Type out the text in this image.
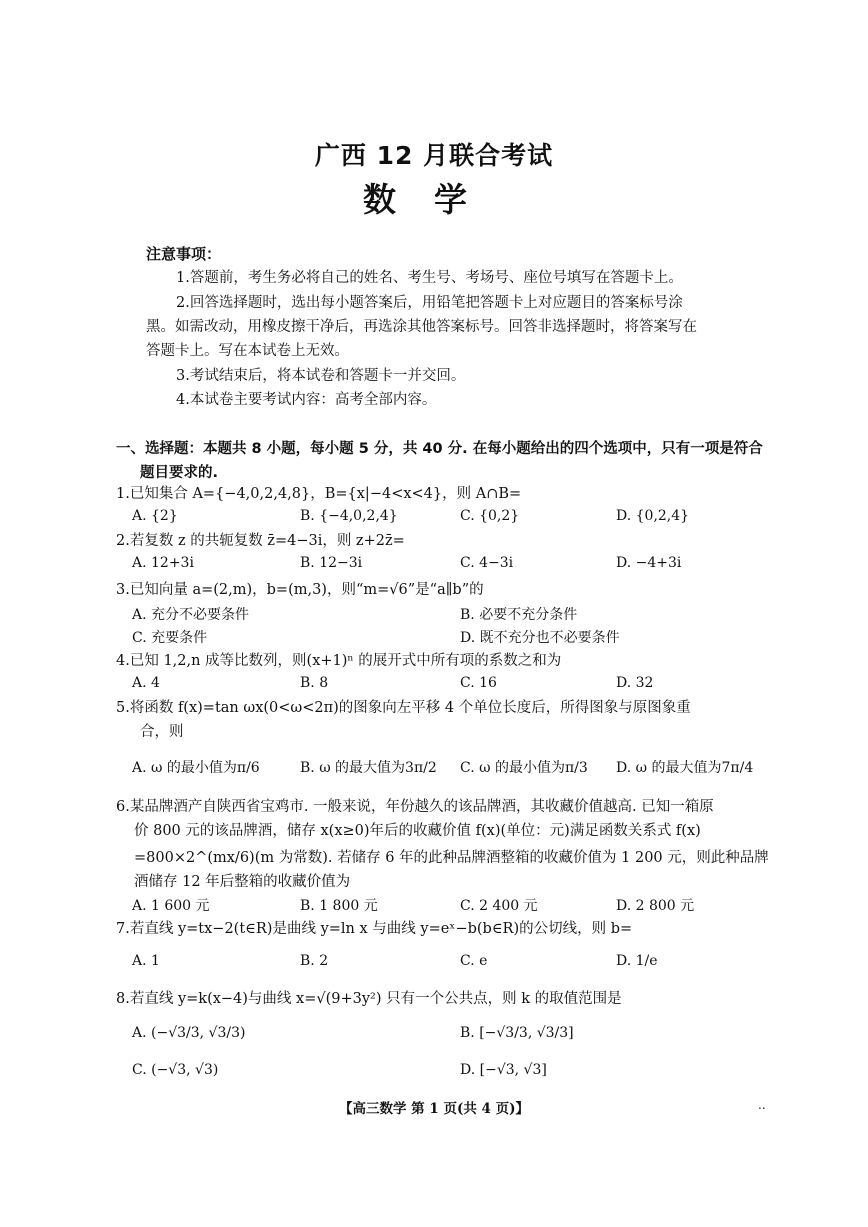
广西 12 月联合考试
数学
注意事项：
1.答题前，考生务必将自己的姓名、考生号、考场号、座位号填写在答题卡上。
2.回答选择题时，选出每小题答案后，用铅笔把答题卡上对应题目的答案标号涂
黑。如需改动，用橡皮擦干净后，再选涂其他答案标号。回答非选择题时，将答案写在
答题卡上。写在本试卷上无效。
3.考试结束后，将本试卷和答题卡一并交回。
4.本试卷主要考试内容：高考全部内容。
一、选择题：本题共 8 小题，每小题 5 分，共 40 分. 在每小题给出的四个选项中，只有一项是符合
题目要求的.
1.已知集合 A={−4,0,2,4,8}，B={x|−4<x<4}，则 A∩B=
A. {2}	B. {−4,0,2,4}	C. {0,2}	D. {0,2,4}
2.若复数 z 的共轭复数 z̄=4−3i，则 z+2z̄=
A. 12+3i	B. 12−3i	C. 4−3i	D. −4+3i
3.已知向量 a=(2,m)，b=(m,3)，则“m=√6”是“a∥b”的
A. 充分不必要条件	B. 必要不充分条件
C. 充要条件	D. 既不充分也不必要条件
4.已知 1,2,n 成等比数列，则(x+1)ⁿ 的展开式中所有项的系数之和为
A. 4	B. 8	C. 16	D. 32
5.将函数 f(x)=tan ωx(0<ω<2π)的图象向左平移 4 个单位长度后，所得图象与原图象重
合，则
A. ω 的最小值为π/6	B. ω 的最大值为3π/2 C. ω 的最小值为π/3 D. ω 的最大值为7π/4
6.某品牌酒产自陕西省宝鸡市. 一般来说，年份越久的该品牌酒，其收藏价值越高. 已知一箱原
价 800 元的该品牌酒，储存 x(x≥0)年后的收藏价值 f(x)(单位：元)满足函数关系式 f(x)
=800×2^(mx/6)(m 为常数). 若储存 6 年的此种品牌酒整箱的收藏价值为 1 200 元，则此种品牌
酒储存 12 年后整箱的收藏价值为
A. 1 600 元	B. 1 800 元	C. 2 400 元	D. 2 800 元
7.若直线 y=tx−2(t∈R)是曲线 y=ln x 与曲线 y=eˣ−b(b∈R)的公切线，则 b=
A. 1	B. 2	C. e	D. 1/e
8.若直线 y=k(x−4)与曲线 x=√(9+3y²) 只有一个公共点，则 k 的取值范围是
A. (−√3/3, √3/3)	B. [−√3/3, √3/3]
C. (−√3, √3)	D. [−√3, √3]
【高三数学 第 1 页(共 4 页)】	..
